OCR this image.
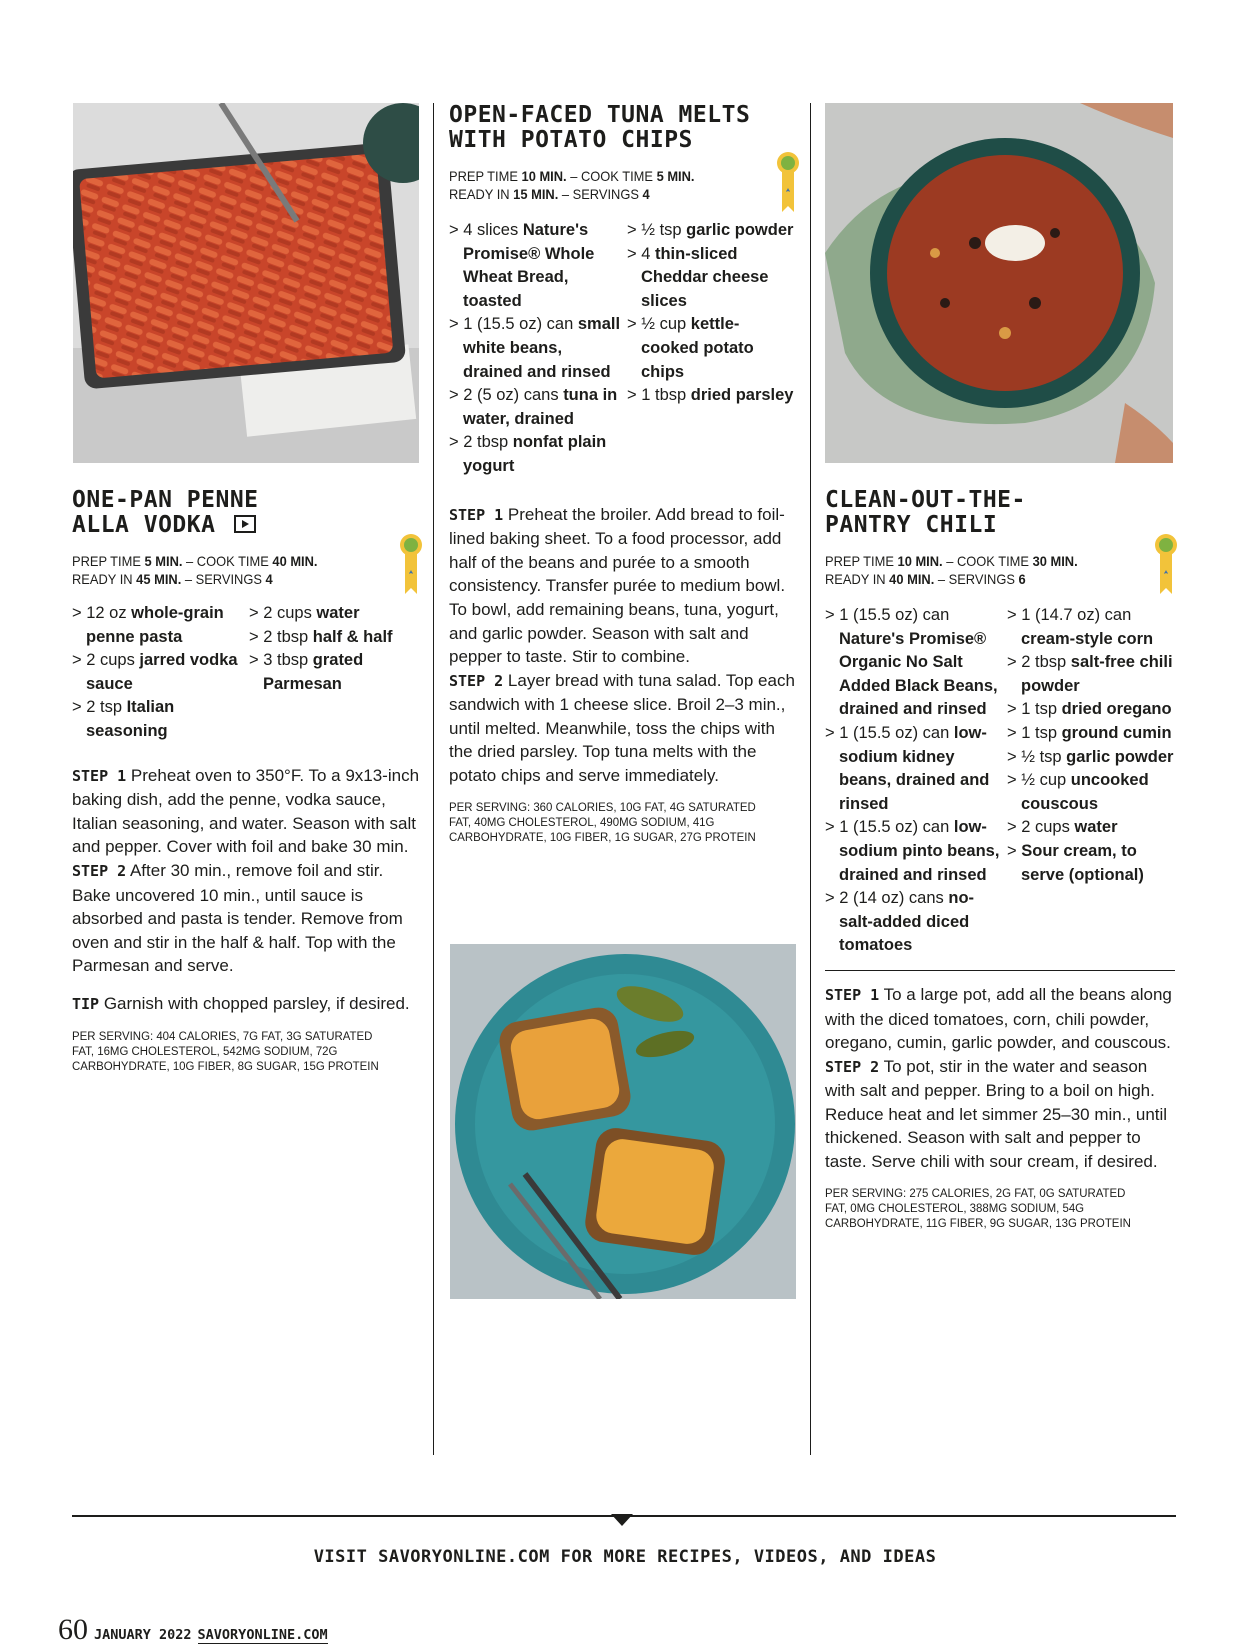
ONE-PAN PENNE
ALLA VODKA
PREP TIME 5 MIN. – COOK TIME 40 MIN.
READY IN 45 MIN. – SERVINGS 4

> 12 oz whole-grain penne pasta

> 2 cups jarred vodka sauce

> 2 tsp Italian seasoning

> 2 cups water

> 2 tbsp half & half

> 3 tbsp grated Parmesan

STEP 1 Preheat oven to 350°F. To a 9x13-inch baking dish, add the penne, vodka sauce, Italian seasoning, and water. Season with salt and pepper. Cover with foil and bake 30 min.

STEP 2 After 30 min., remove foil and stir. Bake uncovered 10 min., until sauce is absorbed and pasta is tender. Remove from oven and stir in the half & half. Top with the Parmesan and serve.

TIP Garnish with chopped parsley, if desired.

PER SERVING: 404 CALORIES, 7G FAT, 3G SATURATED FAT, 16MG CHOLESTEROL, 542MG SODIUM, 72G CARBOHYDRATE, 10G FIBER, 8G SUGAR, 15G PROTEIN
OPEN-FACED TUNA MELTS
WITH POTATO CHIPS
PREP TIME 10 MIN. – COOK TIME 5 MIN.
READY IN 15 MIN. – SERVINGS 4

> 4 slices Nature's Promise® Whole Wheat Bread, toasted

> 1 (15.5 oz) can small white beans, drained and rinsed

> 2 (5 oz) cans tuna in water, drained

> 2 tbsp nonfat plain yogurt

> ½ tsp garlic powder

> 4 thin-sliced Cheddar cheese slices

> ½ cup kettle-cooked potato chips

> 1 tbsp dried parsley

STEP 1 Preheat the broiler. Add bread to foil-lined baking sheet. To a food processor, add half of the beans and purée to a smooth consistency. Transfer purée to medium bowl. To bowl, add remaining beans, tuna, yogurt, and garlic powder. Season with salt and pepper to taste. Stir to combine.

STEP 2 Layer bread with tuna salad. Top each sandwich with 1 cheese slice. Broil 2–3 min., until melted. Meanwhile, toss the chips with the dried parsley. Top tuna melts with the potato chips and serve immediately.

PER SERVING: 360 CALORIES, 10G FAT, 4G SATURATED FAT, 40MG CHOLESTEROL, 490MG SODIUM, 41G CARBOHYDRATE, 10G FIBER, 1G SUGAR, 27G PROTEIN
CLEAN-OUT-THE-
PANTRY CHILI
PREP TIME 10 MIN. – COOK TIME 30 MIN.
READY IN 40 MIN. – SERVINGS 6

> 1 (15.5 oz) can Nature's Promise® Organic No Salt Added Black Beans, drained and rinsed

> 1 (15.5 oz) can low-sodium kidney beans, drained and rinsed

> 1 (15.5 oz) can low-sodium pinto beans, drained and rinsed

> 2 (14 oz) cans no-salt-added diced tomatoes

> 1 (14.7 oz) can cream-style corn

> 2 tbsp salt-free chili powder

> 1 tsp dried oregano

> 1 tsp ground cumin

> ½ tsp garlic powder

> ½ cup uncooked couscous

> 2 cups water

> Sour cream, to serve (optional)

STEP 1 To a large pot, add all the beans along with the diced tomatoes, corn, chili powder, oregano, cumin, garlic powder, and couscous.

STEP 2 To pot, stir in the water and season with salt and pepper. Bring to a boil on high. Reduce heat and let simmer 25–30 min., until thickened. Season with salt and pepper to taste. Serve chili with sour cream, if desired.

PER SERVING: 275 CALORIES, 2G FAT, 0G SATURATED FAT, 0MG CHOLESTEROL, 388MG SODIUM, 54G CARBOHYDRATE, 11G FIBER, 9G SUGAR, 13G PROTEIN
VISIT SAVORYONLINE.COM FOR MORE RECIPES, VIDEOS, AND IDEAS
60 JANUARY 2022 SAVORYONLINE.COM
